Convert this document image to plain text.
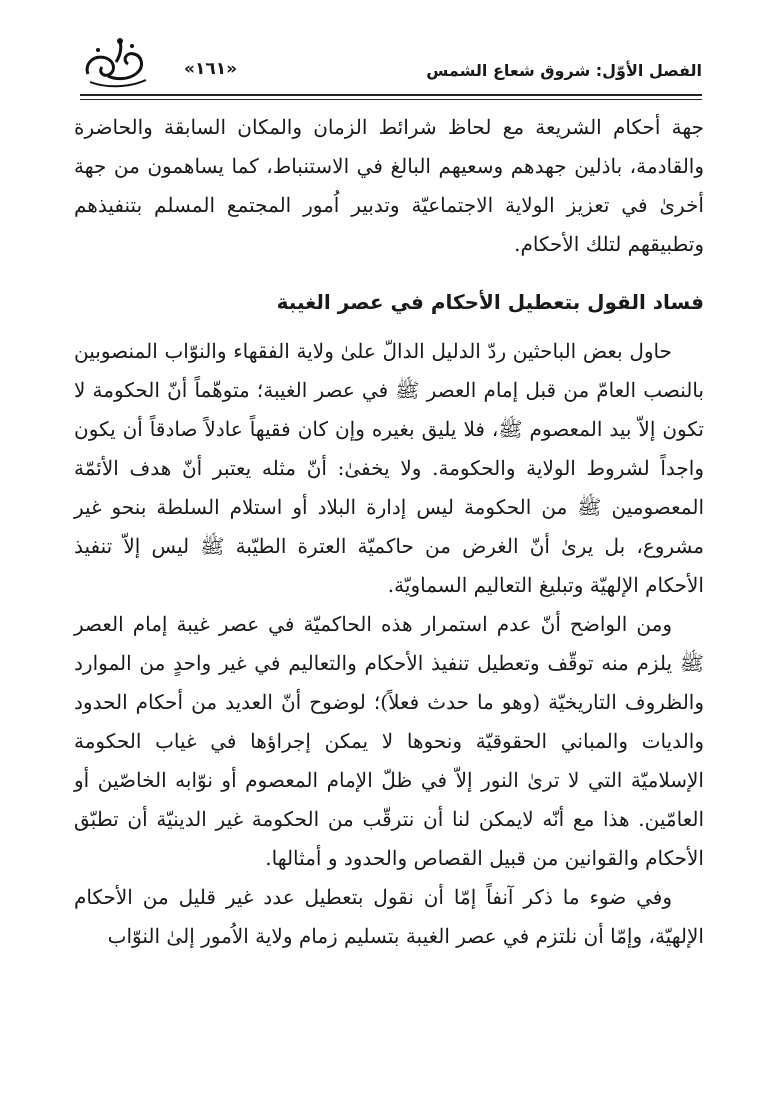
الفصل الأوّل: شروق شعاع الشمس
«١٦١»

جهة أحكام الشريعة مع لحاظ شرائط الزمان والمكان السابقة والحاضرة والقادمة، باذلين جهدهم وسعيهم البالغ في الاستنباط، كما يساهمون من جهة أخرىٰ في تعزيز الولاية الاجتماعيّة وتدبير اُمور المجتمع المسلم بتنفيذهم وتطبيقهم لتلك الأحكام.

فساد القول بتعطيل الأحكام في عصر الغيبة

حاول بعض الباحثين ردّ الدليل الدالّ علىٰ ولاية الفقهاء والنوّاب المنصوبين بالنصب العامّ من قبل إمام العصر ﷺ في عصر الغيبة؛ متوهّماً أنّ الحكومة لا تكون إلاّ بيد المعصوم ﷺ، فلا يليق بغيره وإن كان فقيهاً عادلاً صادقاً أن يكون واجداً لشروط الولاية والحكومة. ولا يخفىٰ: أنّ مثله يعتبر أنّ هدف الأئمّة المعصومين ﷺ من الحكومة ليس إدارة البلاد أو استلام السلطة بنحو غير مشروع، بل يرىٰ أنّ الغرض من حاكميّة العترة الطيّبة ﷺ ليس إلاّ تنفيذ الأحكام الإلهيّة وتبليغ التعاليم السماويّة.

ومن الواضح أنّ عدم استمرار هذه الحاكميّة في عصر غيبة إمام العصر ﷺ يلزم منه توقّف وتعطيل تنفيذ الأحكام والتعاليم في غير واحدٍ من الموارد والظروف التاريخيّة (وهو ما حدث فعلاً)؛ لوضوح أنّ العديد من أحكام الحدود والديات والمباني الحقوقيّة ونحوها لا يمكن إجراؤها في غياب الحكومة الإسلاميّة التي لا ترىٰ النور إلاّ في ظلّ الإمام المعصوم أو نوّابه الخاصّين أو العامّين. هذا مع أنّه لايمكن لنا أن نترقّب من الحكومة غير الدينيّة أن تطبّق الأحكام والقوانين من قبيل القصاص والحدود و أمثالها.

وفي ضوء ما ذكر آنفاً إمّا أن نقول بتعطيل عدد غير قليل من الأحكام الإلهيّة، وإمّا أن نلتزم في عصر الغيبة بتسليم زمام ولاية الاُمور إلىٰ النوّاب
